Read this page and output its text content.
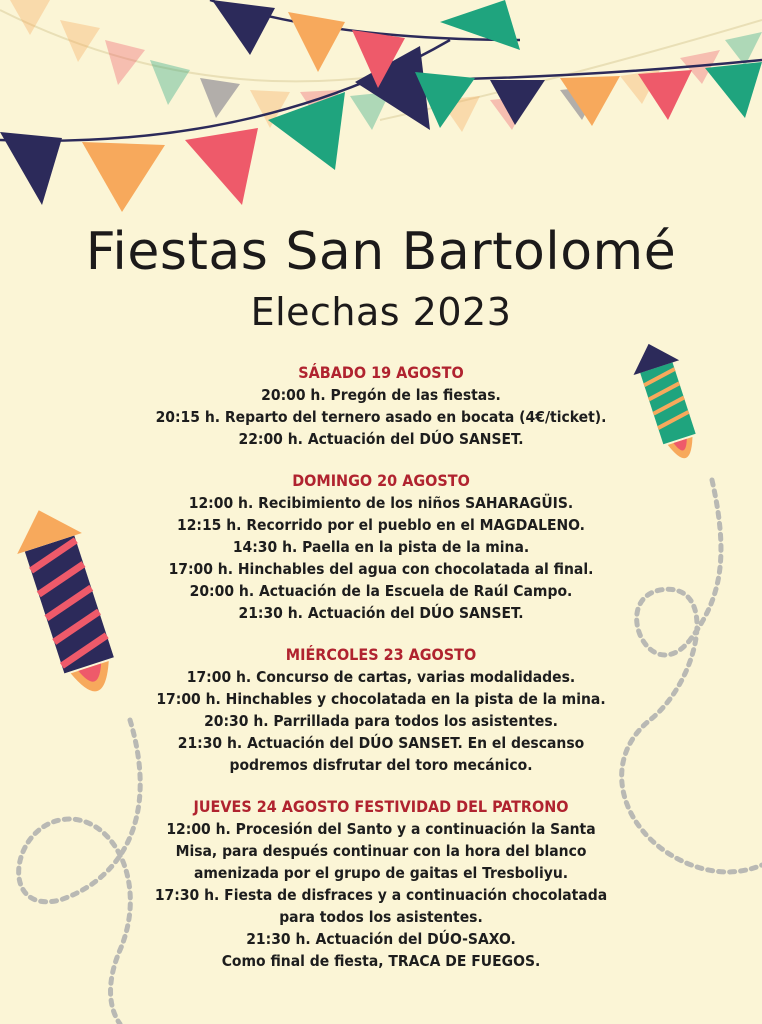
Fiestas San Bartolomé
Elechas 2023
SÁBADO 19 AGOSTO
20:00 h. Pregón de las fiestas.
20:15 h. Reparto del ternero asado en bocata (4€/ticket).
22:00 h. Actuación del DÚO SANSET.
DOMINGO 20 AGOSTO
12:00 h. Recibimiento de los niños SAHARAGÜIS.
12:15 h. Recorrido por el pueblo en el MAGDALENO.
14:30 h. Paella en la pista de la mina.
17:00 h. Hinchables del agua con chocolatada al final.
20:00 h. Actuación de la Escuela de Raúl Campo.
21:30 h. Actuación del DÚO SANSET.
MIÉRCOLES 23 AGOSTO
17:00 h. Concurso de cartas, varias modalidades.
17:00 h. Hinchables y chocolatada en la pista de la mina.
20:30 h. Parrillada para todos los asistentes.
21:30 h. Actuación del DÚO SANSET. En el descanso
podremos disfrutar del toro mecánico.
JUEVES 24 AGOSTO FESTIVIDAD DEL PATRONO
12:00 h. Procesión del Santo y a continuación la Santa
Misa, para después continuar con la hora del blanco
amenizada por el grupo de gaitas el Tresboliyu.
17:30 h. Fiesta de disfraces y a continuación chocolatada
para todos los asistentes.
21:30 h. Actuación del DÚO-SAXO.
Como final de fiesta, TRACA DE FUEGOS.
